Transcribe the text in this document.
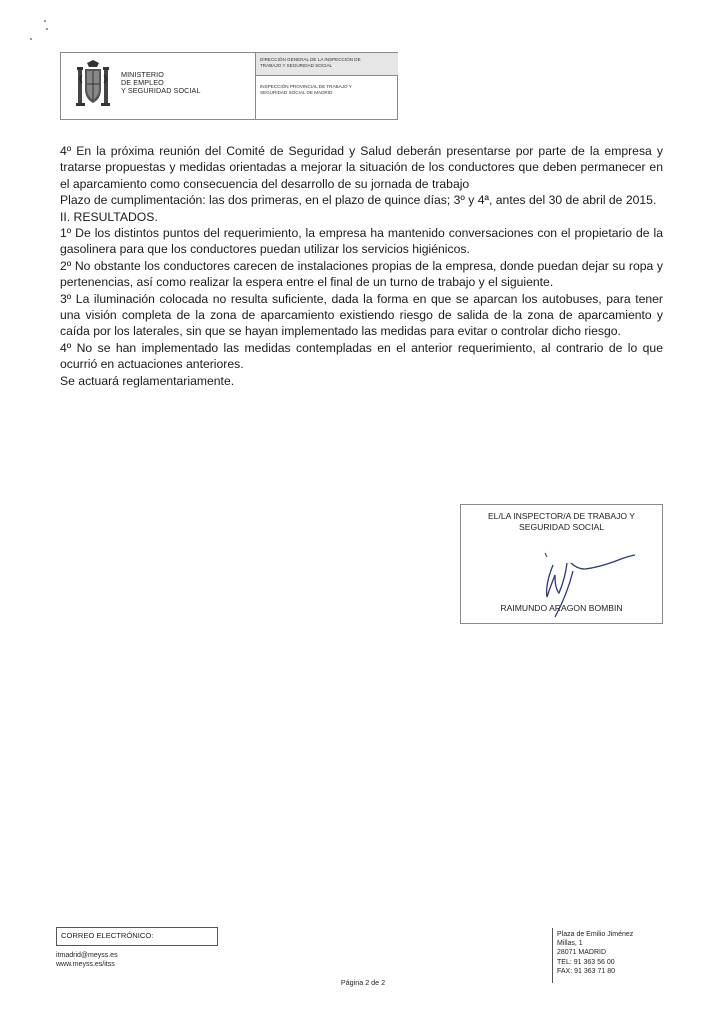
MINISTERIO
DE EMPLEO
Y SEGURIDAD SOCIAL
DIRECCIÓN GENERAL DE LA INSPECCIÓN DE
TRABAJO Y SEGURIDAD SOCIAL
INSPECCIÓN PROVINCIAL DE TRABAJO Y
SEGURIDAD SOCIAL DE MADRID

4º En la próxima reunión del Comité de Seguridad y Salud deberán presentarse por parte de la empresa y tratarse propuestas y medidas orientadas a mejorar la situación de los conductores que deben permanecer en el aparcamiento como consecuencia del desarrollo de su jornada de trabajo

Plazo de cumplimentación: las dos primeras, en el plazo de quince días; 3º y 4ª, antes del 30 de abril de 2015.

II. RESULTADOS.

1º De los distintos puntos del requerimiento, la empresa ha mantenido conversaciones con el propietario de la gasolinera para que los conductores puedan utilizar los servicios higiénicos.

2º No obstante los conductores carecen de instalaciones propias de la empresa, donde puedan dejar su ropa y pertenencias, así como realizar la espera entre el final de un turno de trabajo y el siguiente.

3º La iluminación colocada no resulta suficiente, dada la forma en que se aparcan los autobuses, para tener una visión completa de la zona de aparcamiento existiendo riesgo de salida de la zona de aparcamiento y caída por los laterales, sin que se hayan implementado las medidas para evitar o controlar dicho riesgo.

4º No se han implementado las medidas contempladas en el anterior requerimiento, al contrario de lo que ocurrió en actuaciones anteriores.

Se actuará reglamentariamente.

EL/LA INSPECTOR/A DE TRABAJO Y
SEGURIDAD SOCIAL
RAIMUNDO ARAGON BOMBIN
CORREO ELECTRÓNICO:
itmadrid@meyss.es
www.meyss.es/itss
Página 2 de 2
Plaza de Emilio Jiménez
Millas, 1
28071 MADRID
TEL: 91 363 56 00
FAX: 91 363 71 80
